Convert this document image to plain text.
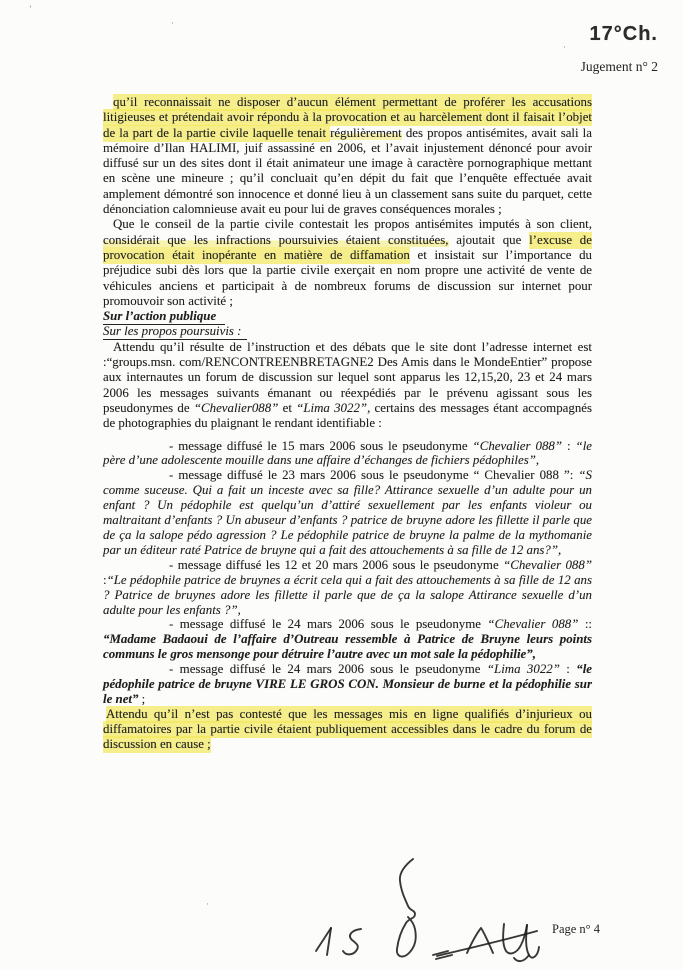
17°Ch.
Jugement n° 2

qu’il reconnaissait ne disposer d’aucun élément permettant de proférer les accusations litigieuses et prétendait avoir répondu à la provocation et au harcèlement dont il faisait l’objet de la part de la partie civile laquelle tenait régulièrement des propos antisémites, avait sali la mémoire d’Ilan HALIMI, juif assassiné en 2006, et l’avait injustement dénoncé pour avoir diffusé sur un des sites dont il était animateur une image à caractère pornographique mettant en scène une mineure ; qu’il concluait qu’en dépit du fait que l’enquête effectuée avait amplement démontré son innocence et donné lieu à un classement sans suite du parquet, cette dénonciation calomnieuse avait eu pour lui de graves conséquences morales ;

Que le conseil de la partie civile contestait les propos antisémites imputés à son client, considérait que les infractions poursuivies étaient constituées, ajoutait que l’excuse de provocation était inopérante en matière de diffamation et insistait sur l’importance du préjudice subi dès lors que la partie civile exerçait en nom propre une activité de vente de véhicules anciens et participait à de nombreux forums de discussion sur internet pour promouvoir son activité ;

Sur l’action publique

Sur les propos poursuivis :

Attendu qu’il résulte de l’instruction et des débats que le site dont l’adresse internet est :“groups.msn. com/RENCONTREENBRETAGNE2 Des Amis dans le MondeEntier” propose aux internautes un forum de discussion sur lequel sont apparus les 12,15,20, 23 et 24 mars 2006 les messages suivants émanant ou réexpédiés par le prévenu agissant sous les pseudonymes de “Chevalier088” et “Lima 3022”, certains des messages étant accompagnés de photographies du plaignant le rendant identifiable :

- message diffusé le 15 mars 2006 sous le pseudonyme “Chevalier 088” : “le père d’une adolescente mouille dans une affaire d’échanges de fichiers pédophiles”,

- message diffusé le 23 mars 2006 sous le pseudonyme “ Chevalier 088 ”: “S comme suceuse. Qui a fait un inceste avec sa fille? Attirance sexuelle d’un adulte pour un enfant ? Un pédophile est quelqu’un d’attiré sexuellement par les enfants violeur ou maltraitant d’enfants ? Un abuseur d’enfants ? patrice de bruyne adore les fillette il parle que de ça la salope pédo agression ? Le pédophile patrice de bruyne la palme de la mythomanie par un éditeur raté Patrice de bruyne qui a fait des attouchements à sa fille de 12 ans?”,

- message diffusé les 12 et 20 mars 2006 sous le pseudonyme “Chevalier 088” :“Le pédophile patrice de bruynes a écrit cela qui a fait des attouchements à sa fille de 12 ans ? Patrice de bruynes adore les fillette il parle que de ça la salope Attirance sexuelle d’un adulte pour les enfants ?”,

- message diffusé le 24 mars 2006 sous le pseudonyme “Chevalier 088” :: “Madame Badaoui de l’affaire d’Outreau ressemble à Patrice de Bruyne leurs points communs le gros mensonge pour détruire l’autre avec un mot sale la pédophilie”,

- message diffusé le 24 mars 2006 sous le pseudonyme “Lima 3022” : “le pédophile patrice de bruyne VIRE LE GROS CON. Monsieur de burne et la pédophilie sur le net” ;

Attendu qu’il n’est pas contesté que les messages mis en ligne qualifiés d’injurieux ou diffamatoires par la partie civile étaient publiquement accessibles dans le cadre du forum de discussion en cause ;

Page n° 4
’
·
·
·
